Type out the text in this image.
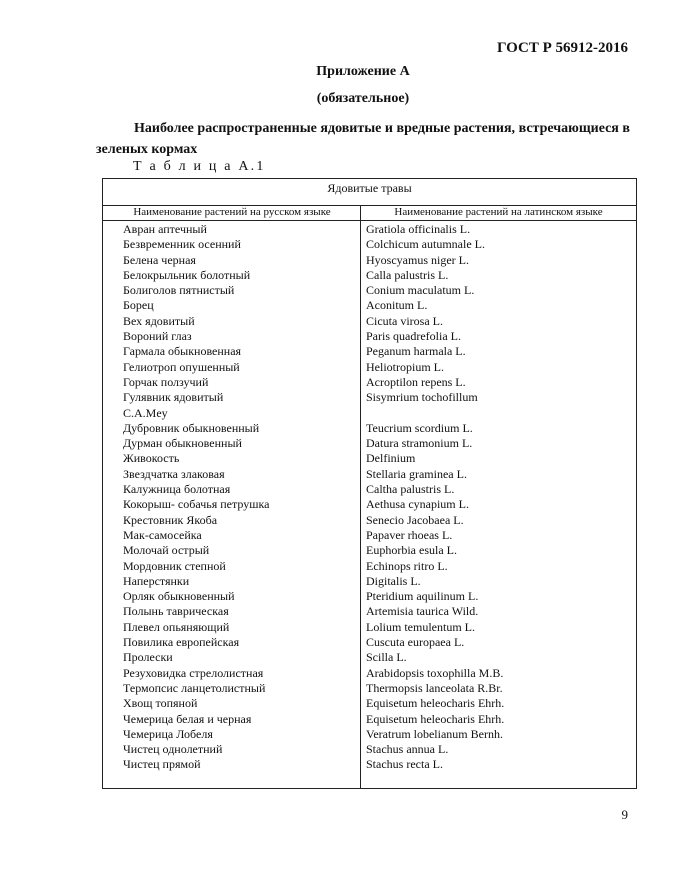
ГОСТ Р 56912-2016
Приложение А
(обязательное)
Наиболее распространенные ядовитые и вредные растения, встречающиеся в зеленых кормах
Т а б л и ц а А.1
Ядовитые травы
Наименование растений на русском языке	Наименование растений на латинском языке
Авран аптечный
Безвременник осенний
Белена черная
Белокрыльник болотный
Болиголов пятнистый
Борец
Вех ядовитый
Вороний глаз
Гармала обыкновенная
Гелиотроп опушенный
Горчак ползучий
Гулявник ядовитый
С.А.Мey
Дубровник обыкновенный
Дурман обыкновенный
Живокость
Звездчатка злаковая
Калужница болотная
Кокорыш- собачья петрушка
Крестовник Якоба
Мак-самосейка
Молочай острый
Мордовник степной
Наперстянки
Орляк обыкновенный
Полынь таврическая
Плевел опьяняющий
Повилика европейская
Пролески
Резуховидка стрелолистная
Термопсис ланцетолистный
Хвощ топяной
Чемерица белая и черная
Чемерица Лобеля
Чистец однолетний
Чистец прямой
Gratiola officinalis L.
Colchicum autumnale L.
Hyoscyamus niger L.
Calla palustris L.
Conium maculatum L.
Aconitum L.
Cicuta virosa L.
Paris quadrefolia L.
Peganum harmala L.
Heliotropium L.
Acroptilon repens L.
Sisymrium tochofillum
Teucrium scordium L.
Datura stramonium L.
Delfinium
Stellaria graminea L.
Caltha palustris L.
Aethusa cynapium L.
Senecio Jacobaea L.
Papaver rhoeas L.
Euphorbia esula L.
Echinops ritro L.
Digitalis L.
Pteridium aquilinum L.
Artemisia taurica Wild.
Lolium temulentum L.
Cuscuta europaea L.
Scilla L.
Arabidopsis toxophilla M.B.
Thermopsis lanceolata R.Br.
Equisetum heleocharis Ehrh.
Equisetum heleocharis Ehrh.
Veratrum lobelianum Bernh.
Stachus annua L.
Stachus recta L.
9
